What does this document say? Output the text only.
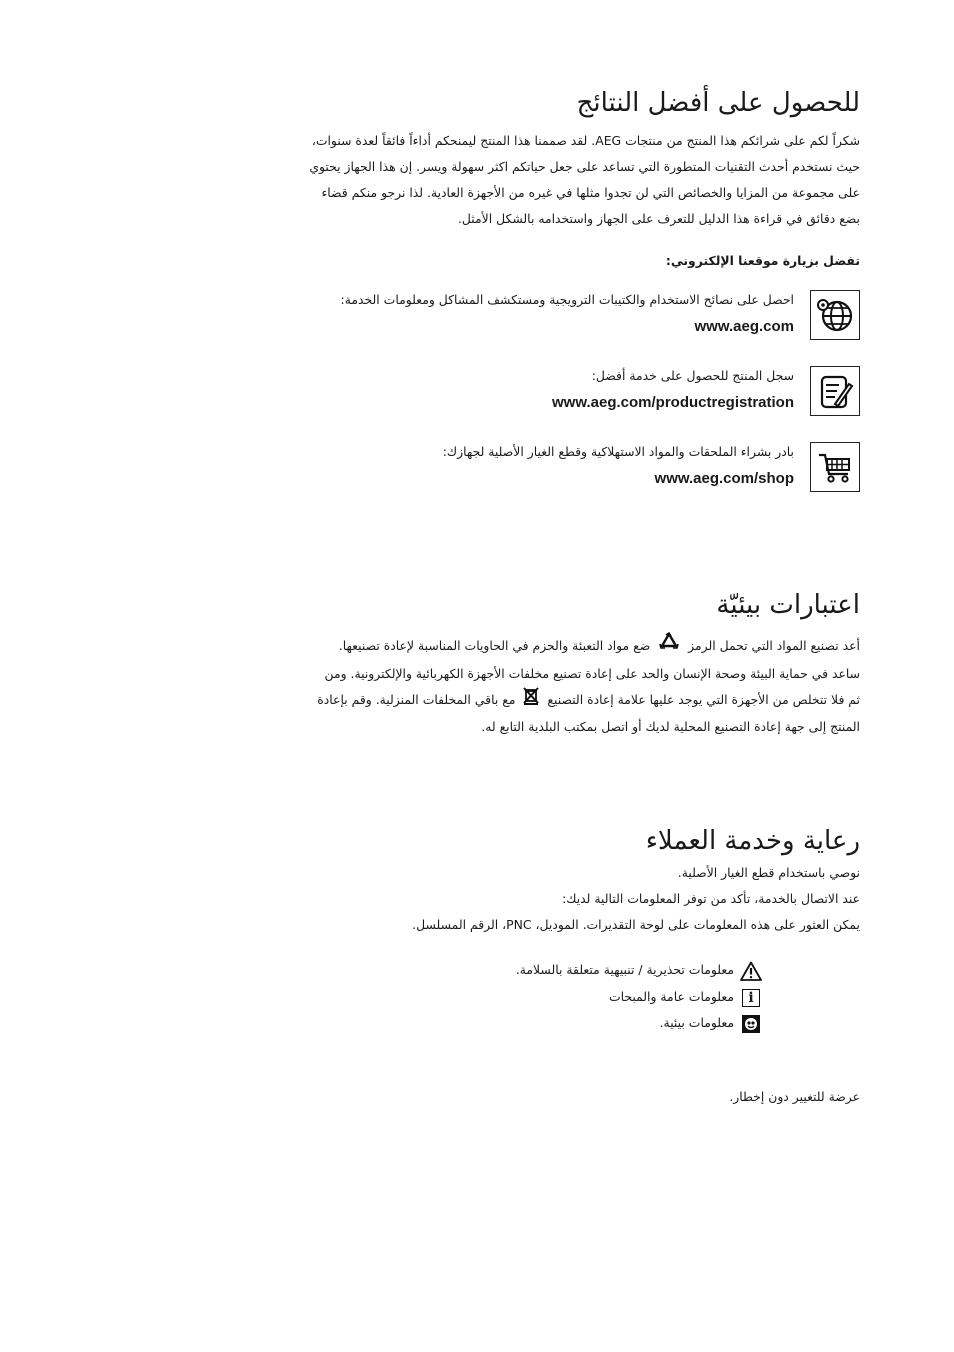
للحصول على أفضل النتائج

شكراً لكم على شرائكم هذا المنتج من منتجات AEG. لقد صممنا هذا المنتج ليمنحكم أداءاً فائقاً لعدة سنوات،

حيث نستخدم أحدث التقنيات المتطورة التي تساعد على جعل حياتكم اكثر سهولة ويسر. إن هذا الجهاز يحتوي

على مجموعة من المزايا والخصائص التي لن تجدوا مثلها في غيره من الأجهزة العادية. لذا نرجو منكم قضاء

بضع دقائق في قراءة هذا الدليل للتعرف على الجهاز واستخدامه بالشكل الأمثل.

تفضل بزيارة موقعنا الإلكتروني:

احصل على نصائح الاستخدام والكتيبات الترويجية ومستكشف المشاكل ومعلومات الخدمة:

www.aeg.com

سجل المنتج للحصول على خدمة أفضل:

www.aeg.com/productregistration

بادر بشراء الملحقات والمواد الاستهلاكية وقطع الغيار الأصلية لجهازك:

www.aeg.com/shop

اعتبارات بيئيّة

أعد تصنيع المواد التي تحمل الرمز  ضع مواد التعبئة والحزم في الحاويات المناسبة لإعادة تصنيعها.

ساعد في حماية البيئة وصحة الإنسان والحد على إعادة تصنيع مخلفات الأجهزة الكهربائية والإلكترونية. ومن

ثم فلا تتخلص من الأجهزة التي يوجد عليها علامة إعادة التصنيع  مع باقي المخلفات المنزلية. وقم بإعادة

المنتج إلى جهة إعادة التصنيع المحلية لديك أو اتصل بمكتب البلدية التابع له.

رعاية وخدمة العملاء

نوصي باستخدام قطع الغيار الأصلية.

عند الاتصال بالخدمة، تأكد من توفر المعلومات التالية لديك:

يمكن العثور على هذه المعلومات على لوحة التقديرات. الموديل، PNC، الرقم المسلسل.

معلومات تحذيرية / تنبيهية متعلقة بالسلامة.
i
معلومات عامة والمبحات
معلومات بيئية.

عرضة للتغيير دون إخطار.
